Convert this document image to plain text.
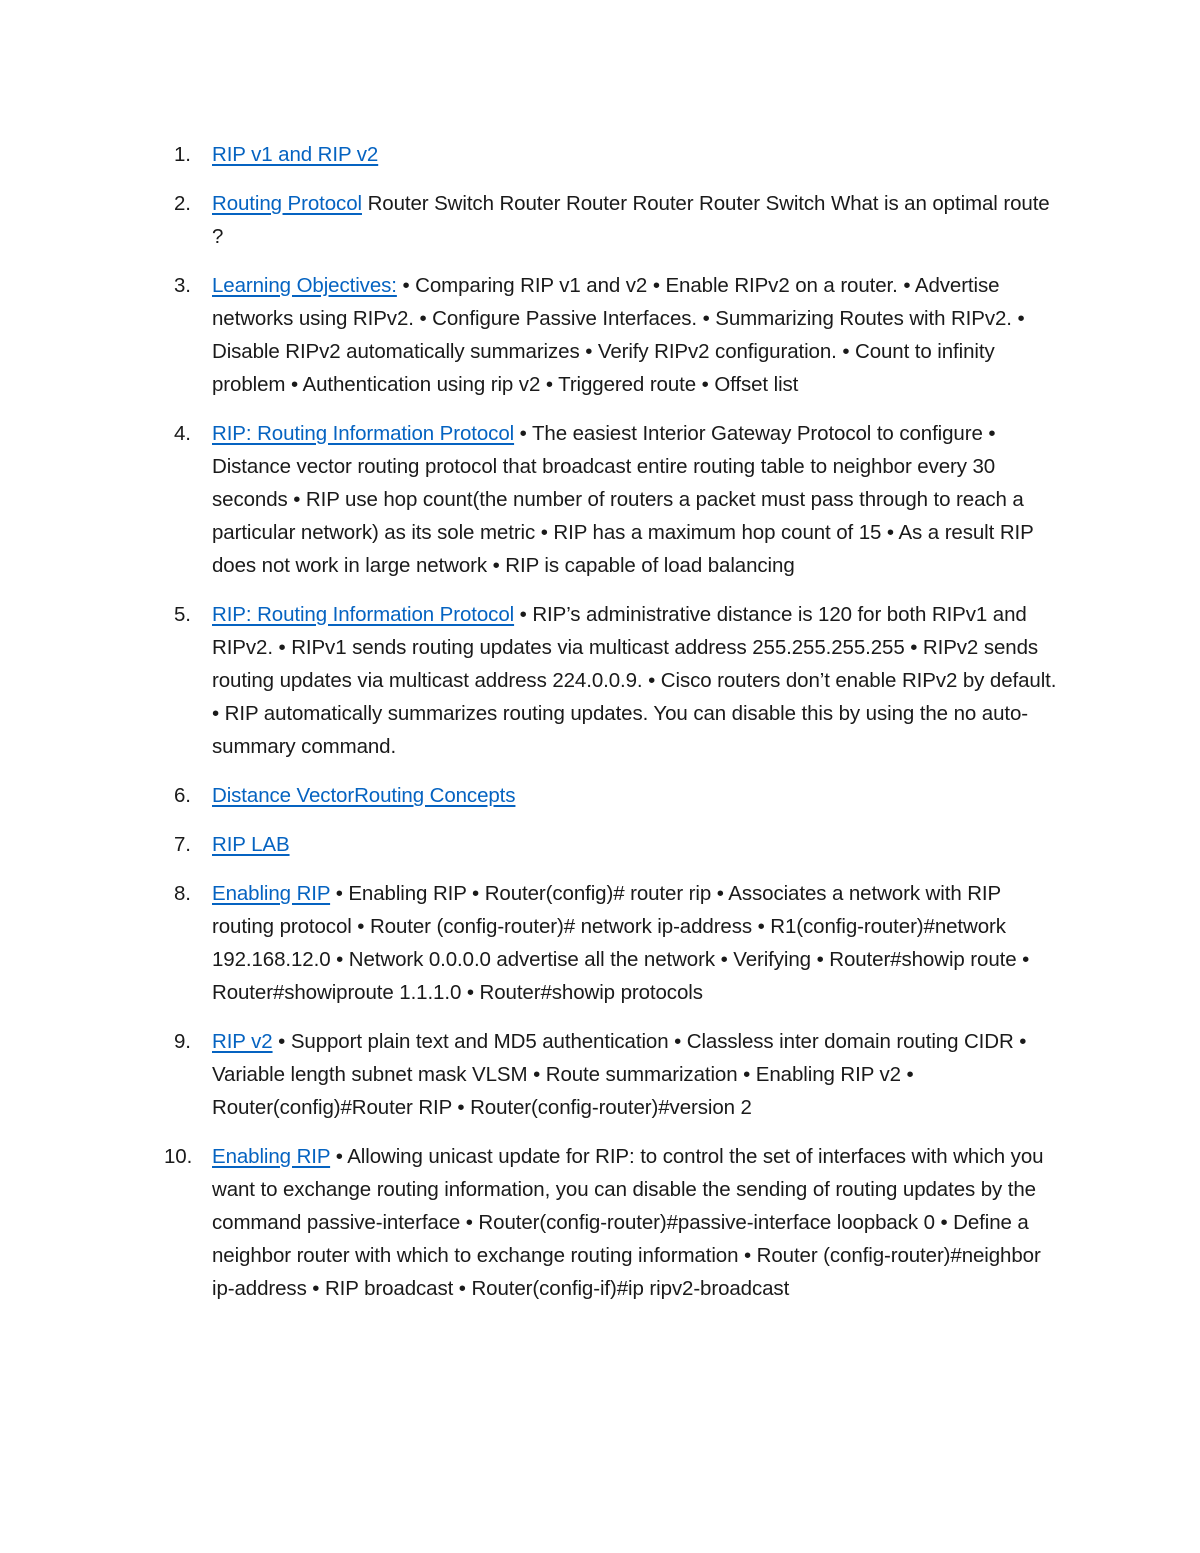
1.	RIP v1 and RIP v2
2.	Routing Protocol Router Switch Router Router Router Router Switch What is an optimal route ?
3.	Learning Objectives: • Comparing RIP v1 and v2 • Enable RIPv2 on a router. • Advertise networks using RIPv2. • Configure Passive Interfaces. • Summarizing Routes with RIPv2. • Disable RIPv2 automatically summarizes • Verify RIPv2 configuration. • Count to infinity problem • Authentication using rip v2 • Triggered route • Offset list
4.	RIP: Routing Information Protocol • The easiest Interior Gateway Protocol to configure • Distance vector routing protocol that broadcast entire routing table to neighbor every 30 seconds • RIP use hop count(the number of routers a packet must pass through to reach a particular network) as its sole metric • RIP has a maximum hop count of 15 • As a result RIP does not work in large network • RIP is capable of load balancing
5.	RIP: Routing Information Protocol • RIP’s administrative distance is 120 for both RIPv1 and RIPv2. • RIPv1 sends routing updates via multicast address 255.255.255.255 • RIPv2 sends routing updates via multicast address 224.0.0.9. • Cisco routers don’t enable RIPv2 by default. • RIP automatically summarizes routing updates. You can disable this by using the no auto-summary command.
6.	Distance VectorRouting Concepts
7.	RIP LAB
8.	Enabling RIP • Enabling RIP • Router(config)# router rip • Associates a network with RIP routing protocol • Router (config-router)# network ip-address • R1(config-router)#network 192.168.12.0 • Network 0.0.0.0 advertise all the network • Verifying • Router#showip route • Router#showiproute 1.1.1.0 • Router#showip protocols
9.	RIP v2 • Support plain text and MD5 authentication • Classless inter domain routing CIDR • Variable length subnet mask VLSM • Route summarization • Enabling RIP v2 • Router(config)#Router RIP • Router(config-router)#version 2
10. Enabling RIP • Allowing unicast update for RIP: to control the set of interfaces with which you want to exchange routing information, you can disable the sending of routing updates by the command passive-interface • Router(config-router)#passive-interface loopback 0 • Define a neighbor router with which to exchange routing information • Router (config-router)#neighbor ip-address • RIP broadcast • Router(config-if)#ip ripv2-broadcast
